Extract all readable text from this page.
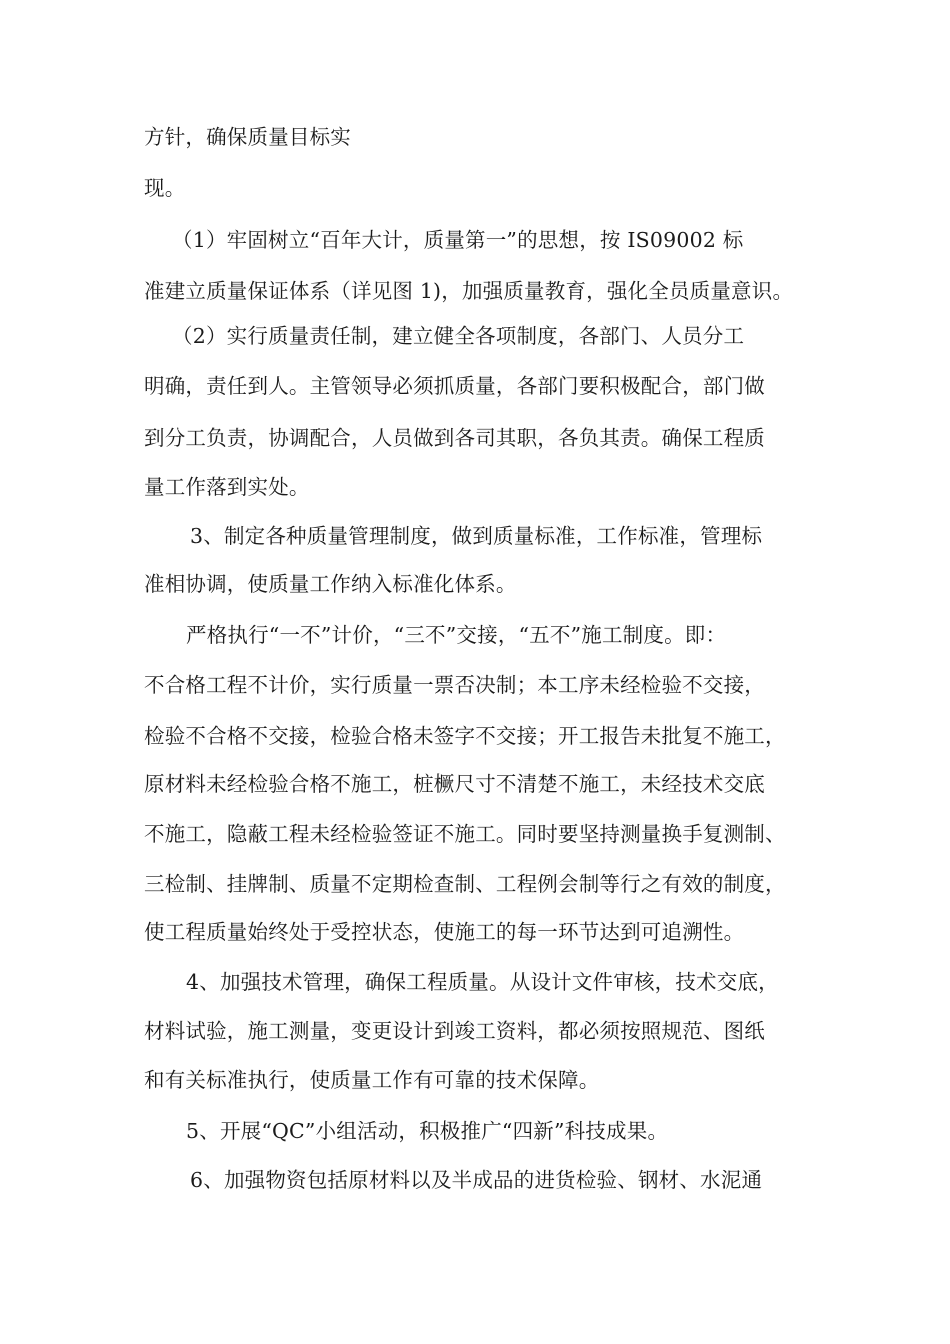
方针，确保质量目标实
现。
（1）牢固树立“百年大计，质量第一”的思想，按 IS09002 标
准建立质量保证体系（详见图 1)，加强质量教育，强化全员质量意识。
（2）实行质量责任制，建立健全各项制度，各部门、人员分工
明确，责任到人。主管领导必须抓质量，各部门要积极配合，部门做
到分工负责，协调配合，人员做到各司其职，各负其责。确保工程质
量工作落到实处。
3、制定各种质量管理制度，做到质量标准，工作标准，管理标
准相协调，使质量工作纳入标准化体系。
严格执行“一不”计价，“三不”交接，“五不”施工制度。即：
不合格工程不计价，实行质量一票否决制；本工序未经检验不交接，
检验不合格不交接，检验合格未签字不交接；开工报告未批复不施工，
原材料未经检验合格不施工，桩橛尺寸不清楚不施工，未经技术交底
不施工，隐蔽工程未经检验签证不施工。同时要坚持测量换手复测制、
三检制、挂牌制、质量不定期检查制、工程例会制等行之有效的制度，
使工程质量始终处于受控状态，使施工的每一环节达到可追溯性。
4、加强技术管理，确保工程质量。从设计文件审核，技术交底，
材料试验，施工测量，变更设计到竣工资料，都必须按照规范、图纸
和有关标准执行，使质量工作有可靠的技术保障。
5、开展“QC”小组活动，积极推广“四新”科技成果。
6、加强物资包括原材料以及半成品的进货检验、钢材、水泥通
